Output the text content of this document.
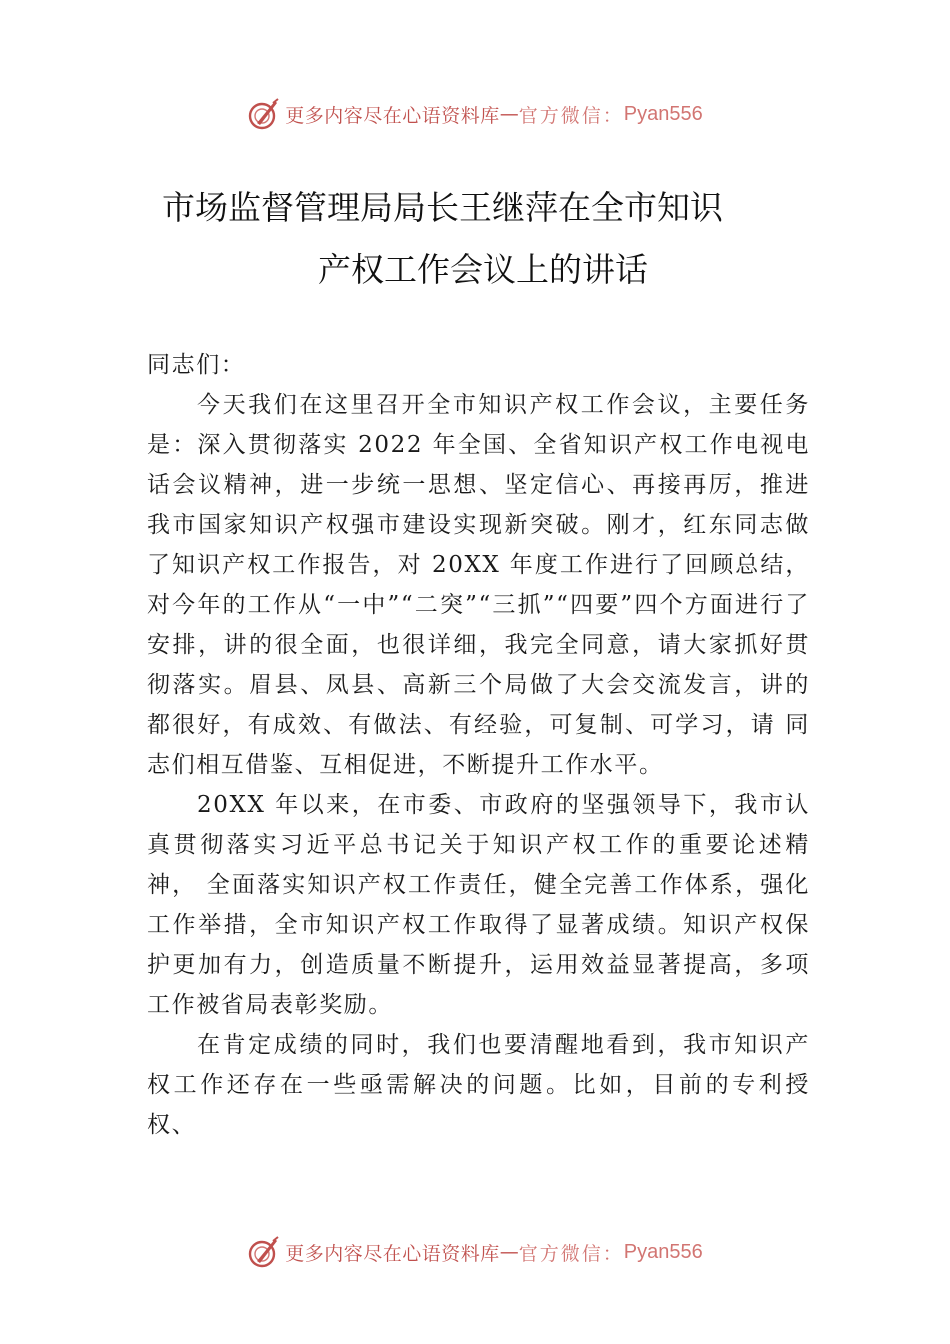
更多内容尽在心语资料库 — 官方微信： Pyan556
市场监督管理局局长王继萍在全市知识
产权工作会议上的讲话

同志们：

今天我们在这里召开全市知识产权工作会议，主要任务是：深入贯彻落实 2022 年全国、全省知识产权工作电视电话会议精神，进一步统一思想、坚定信心、再接再厉，推进我市国家知识产权强市建设实现新突破。刚才，红东同志做了知识产权工作报告，对 20XX 年度工作进行了回顾总结，对今年的工作从“一中”“二突”“三抓”“四要”四个方面进行了安排，讲的很全面，也很详细，我完全同意，请大家抓好贯彻落实。眉县、凤县、高新三个局做了大会交流发言，讲的都很好，有成效、有做法、有经验，可复制、可学习，请 同志们相互借鉴、互相促进，不断提升工作水平。

20XX 年以来，在市委、市政府的坚强领导下，我市认真贯彻落实习近平总书记关于知识产权工作的重要论述精神， 全面落实知识产权工作责任，健全完善工作体系，强化工作举措，全市知识产权工作取得了显著成绩。知识产权保护更加有力，创造质量不断提升，运用效益显著提高，多项工作被省局表彰奖励。

在肯定成绩的同时，我们也要清醒地看到，我市知识产权工作还存在一些亟需解决的问题。比如，目前的专利授权、

更多内容尽在心语资料库 — 官方微信： Pyan556
